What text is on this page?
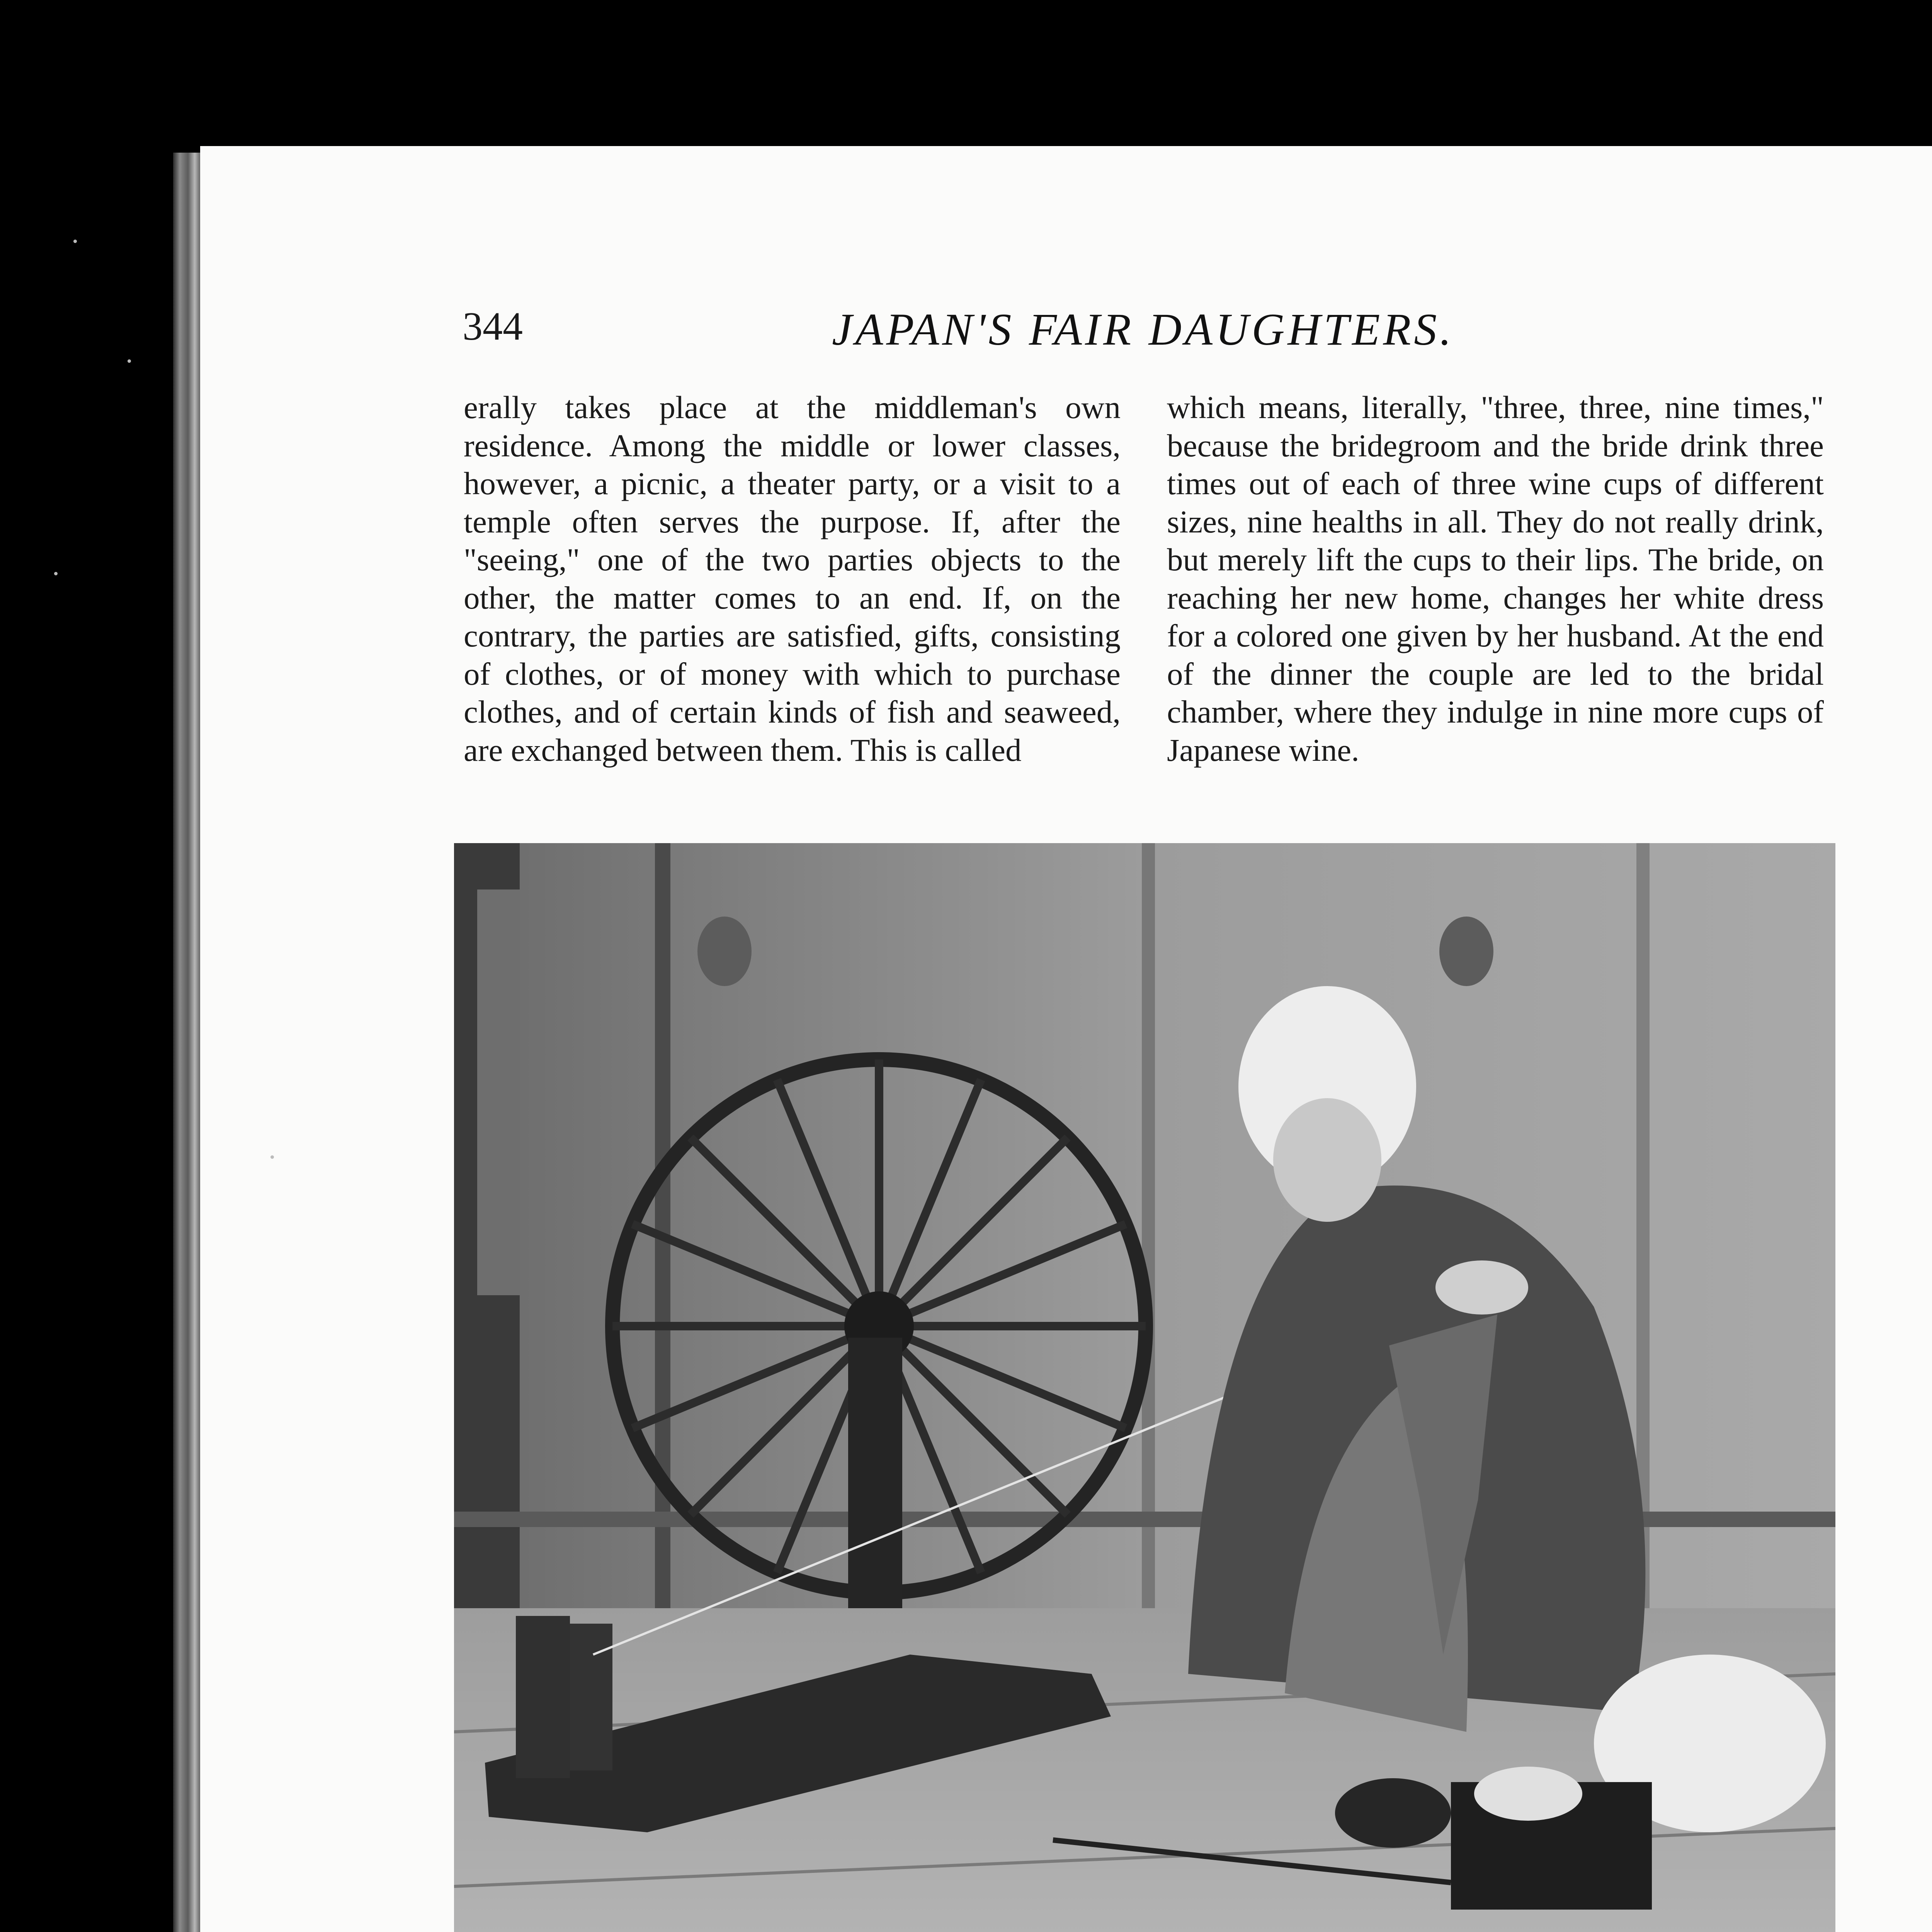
344	JAPAN'S FAIR DAUGHTERS.

erally takes place at the middleman's own residence. Among the middle or lower classes, however, a picnic, a theater party, or a visit to a temple often serves the purpose. If, after the "seeing," one of the two parties objects to the other, the matter comes to an end. If, on the contrary, the parties are satisfied, gifts, consisting of clothes, or of money with which to purchase clothes, and of certain kinds of fish and seaweed, are exchanged between them. This is called

which means, literally, "three, three, nine times," because the bridegroom and the bride drink three times out of each of three wine cups of different sizes, nine healths in all. They do not really drink, but merely lift the cups to their lips. The bride, on reaching her new home, changes her white dress for a colored one given by her husband. At the end of the dinner the couple are led to the bridal chamber, where they indulge in nine more cups of Japanese wine.
